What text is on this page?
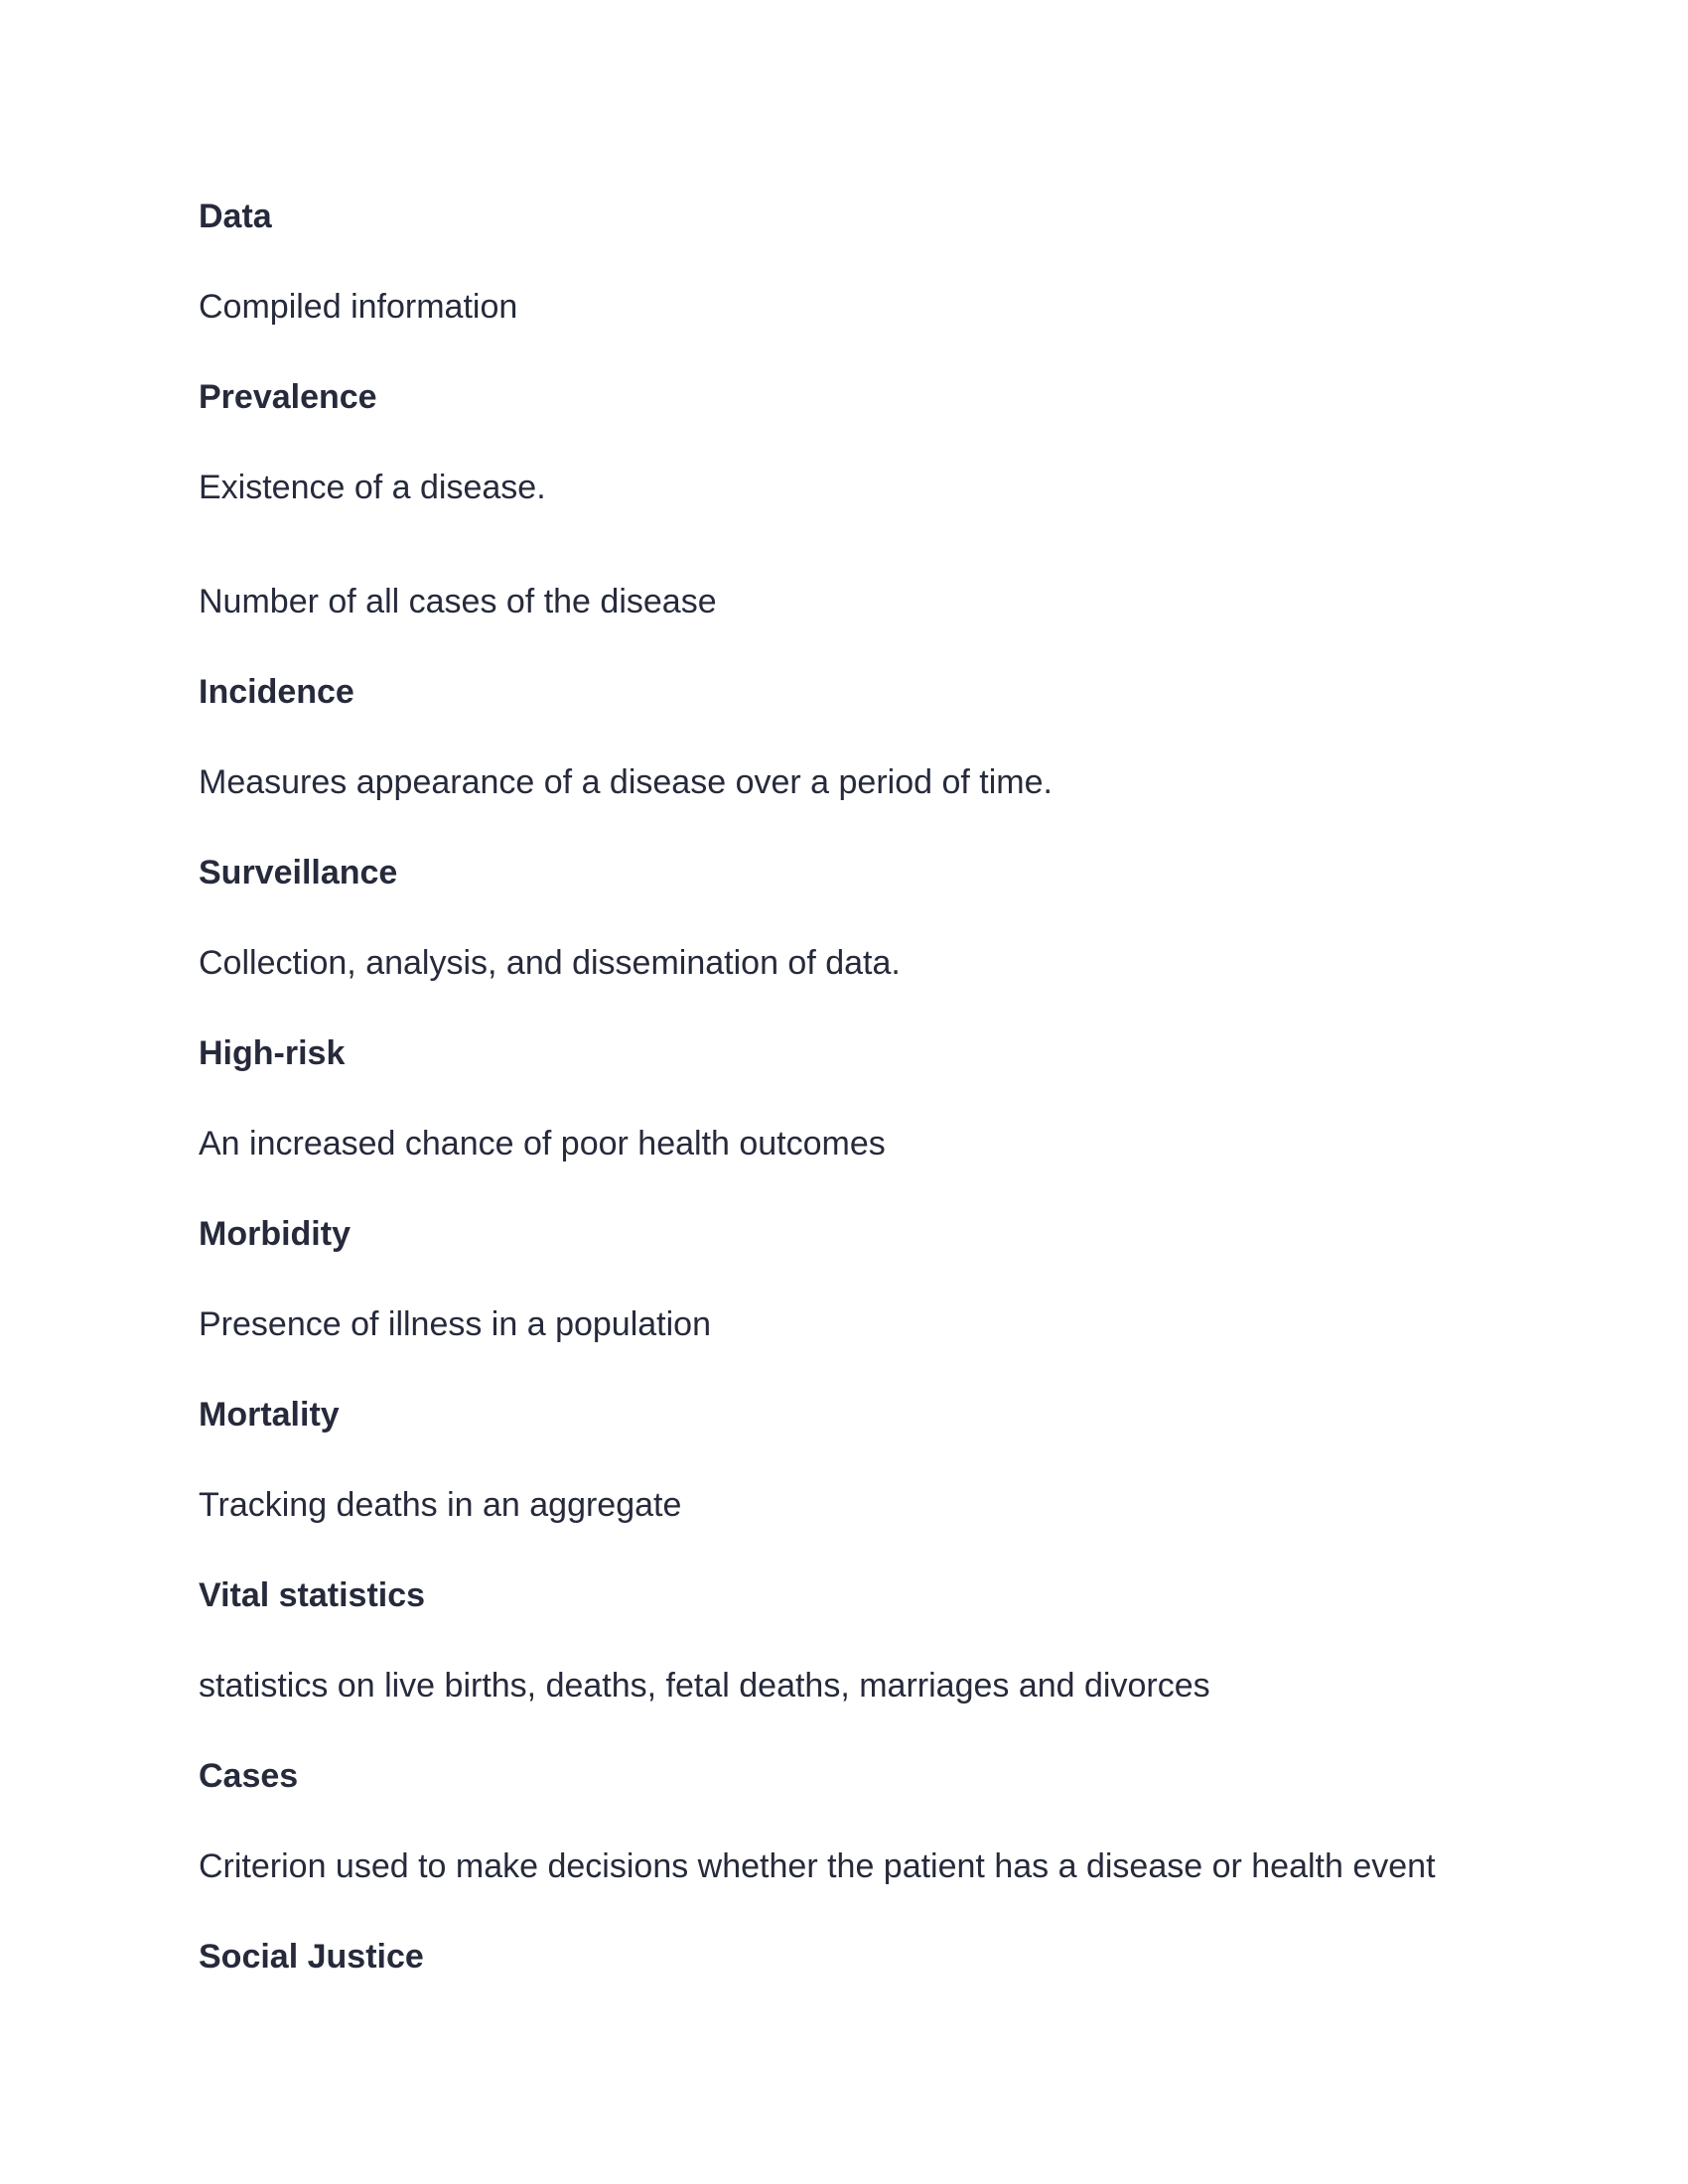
Data

Compiled information

Prevalence

Existence of a disease.

Number of all cases of the disease

Incidence

Measures appearance of a disease over a period of time.

Surveillance

Collection, analysis, and dissemination of data.

High-risk

An increased chance of poor health outcomes

Morbidity

Presence of illness in a population

Mortality

Tracking deaths in an aggregate

Vital statistics

statistics on live births, deaths, fetal deaths, marriages and divorces

Cases

Criterion used to make decisions whether the patient has a disease or health event

Social Justice
